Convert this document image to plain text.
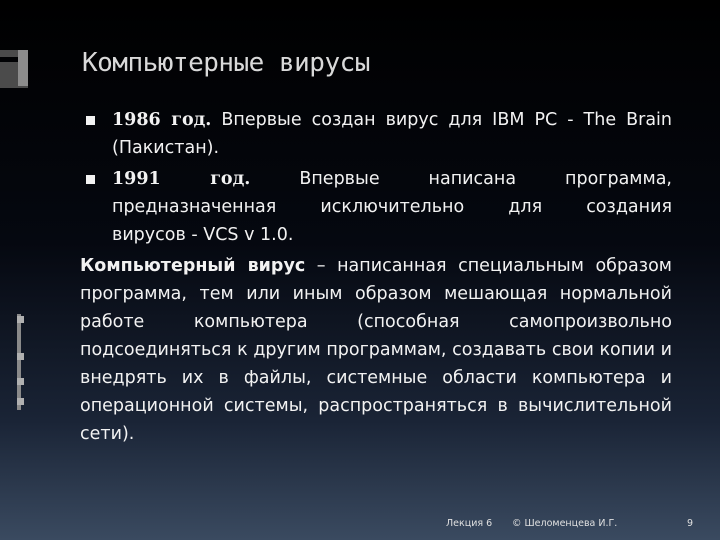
Компьютерные вирусы
1986 год. Впервые создан вирус для IBM PC - The Brain (Пакистан).
1991 год.	Впервые написана программа,
предназначенная исключительно для создания
вирусов - VCS v 1.0.
Компьютерный вирус – написанная специальным образом программа, тем или иным образом мешающая нормальной работе компьютера (способная самопроизвольно подсоединяться к другим программам, создавать свои копии и внедрять их в файлы, системные области компьютера и операционной системы, распространяться в вычислительной сети).
Лекция 6 © Шеломенцева И.Г.	9
